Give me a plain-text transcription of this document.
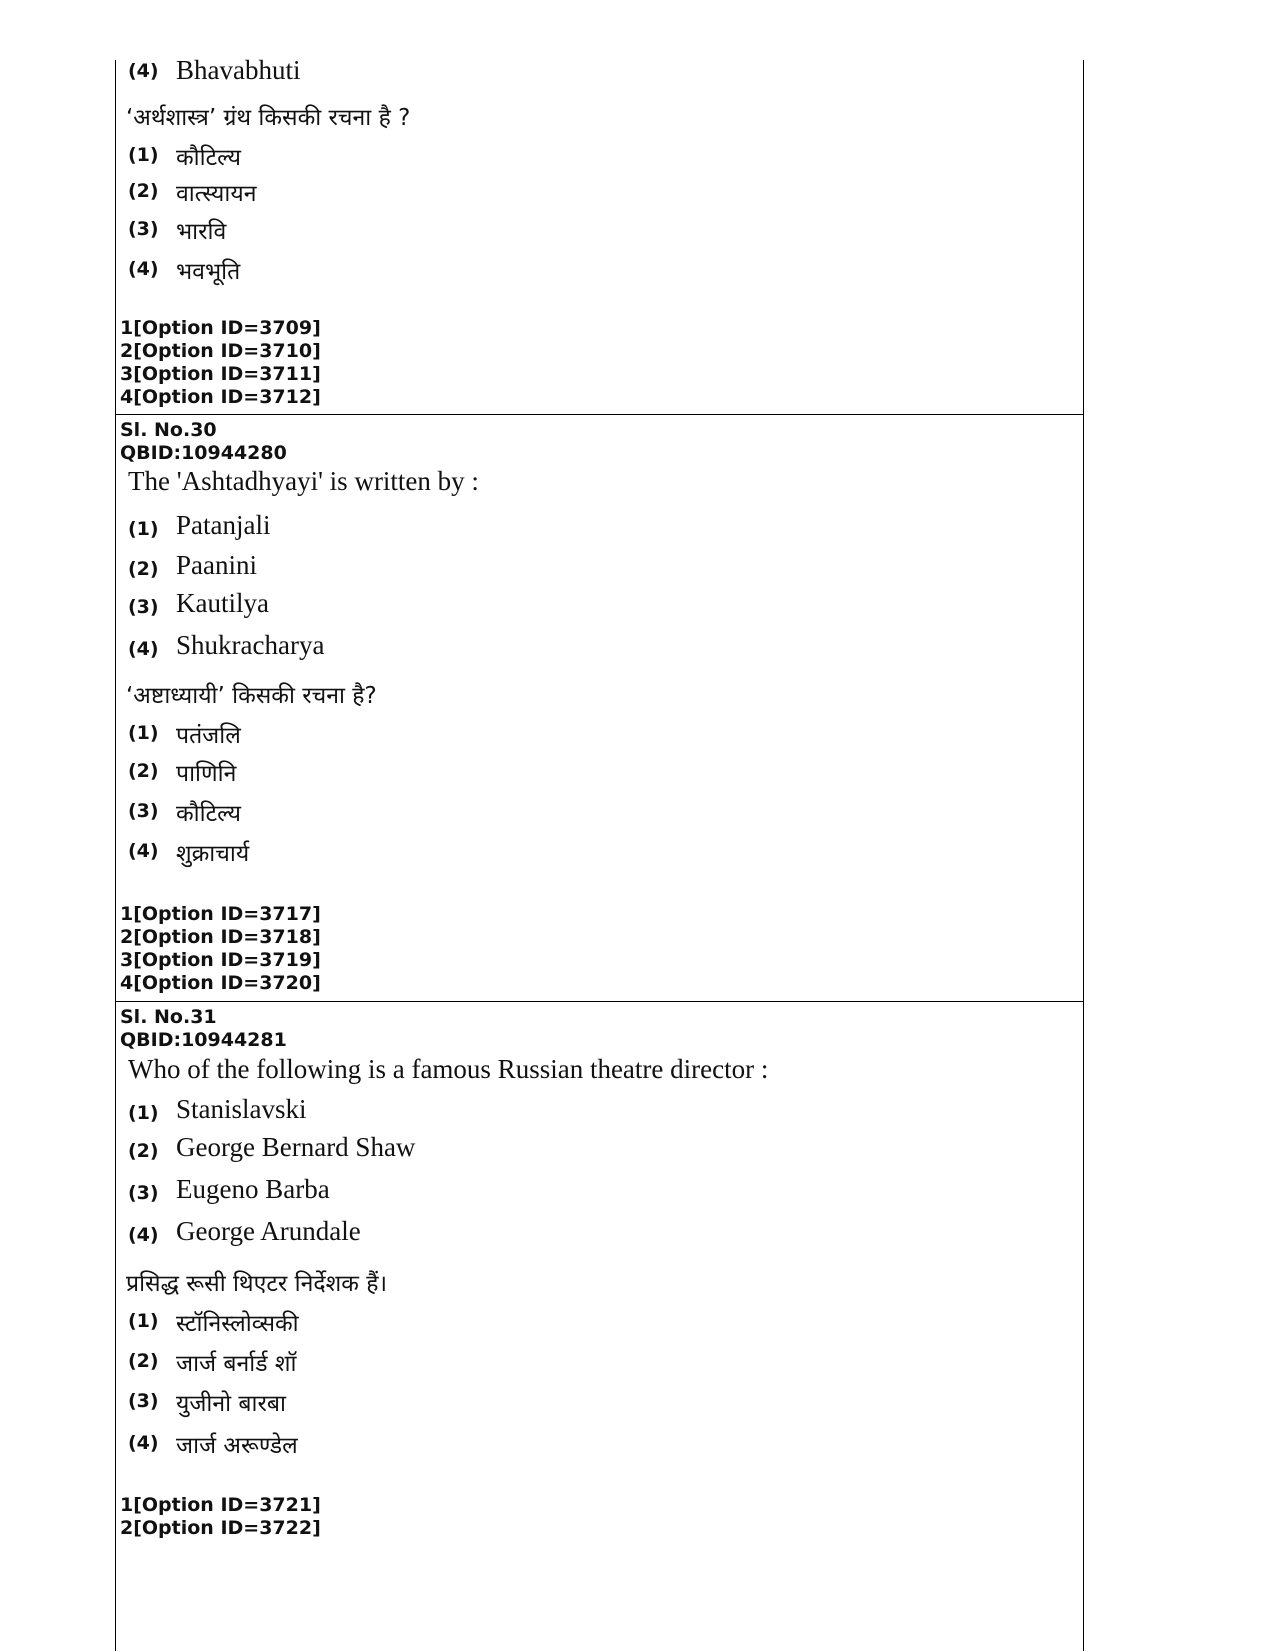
(4) Bhavabhuti
‘अर्थशास्त्र’ ग्रंथ किसकी रचना है ?
(1) कौटिल्य
(2) वात्स्यायन
(3) भारवि
(4) भवभूति
1[Option ID=3709]
2[Option ID=3710]
3[Option ID=3711]
4[Option ID=3712]
Sl. No.30
QBID:10944280
The 'Ashtadhyayi' is written by :
(1) Patanjali
(2) Paanini
(3) Kautilya
(4) Shukracharya
‘अष्टाध्यायी’ किसकी रचना है?
(1) पतंजलि
(2) पाणिनि
(3) कौटिल्य
(4) शुक्राचार्य
1[Option ID=3717]
2[Option ID=3718]
3[Option ID=3719]
4[Option ID=3720]
Sl. No.31
QBID:10944281
Who of the following is a famous Russian theatre director :
(1) Stanislavski
(2) George Bernard Shaw
(3) Eugeno Barba
(4) George Arundale
प्रसिद्ध रूसी थिएटर निर्देशक हैं।
(1) स्टॉनिस्लोव्सकी
(2) जार्ज बर्नार्ड शॉ
(3) युजीनो बारबा
(4) जार्ज अरूण्डेल
1[Option ID=3721]
2[Option ID=3722]
